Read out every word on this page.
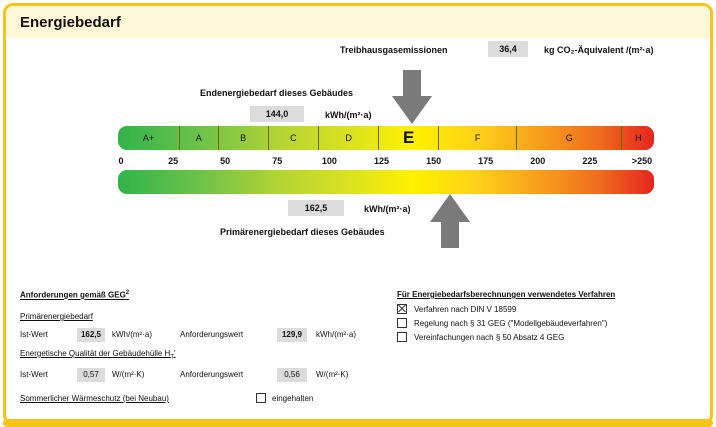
Energiebedarf
Treibhausgasemissionen	36,4	kg CO₂-Äquivalent /(m²·a)
Endenergiebedarf dieses Gebäudes
144,0	kWh/(m²·a)
A+	A	B	C	D	E	F	G	H
0	25	50	75	100	125	150	175	200	225	>250
162,5	kWh/(m²·a)
Primärenergiebedarf dieses Gebäudes
Anforderungen gemäß GEG$^2$
Primärenergiebedarf
Ist-Wert	162,5	kWh/(m²·a)	Anforderungswert	129,9	kWh/(m²·a)
Energetische Qualität der Gebäudehülle $H_T'$
Ist-Wert	0,57	W/(m²·K)	Anforderungswert	0,56	W/(m²·K)
Sommerlicher Wärmeschutz (bei Neubau)	eingehalten
Für Energiebedarfsberechnungen verwendetes Verfahren
Verfahren nach DIN V 18599
Regelung nach § 31 GEG ("Modellgebäudeverfahren")
Vereinfachungen nach § 50 Absatz 4 GEG
